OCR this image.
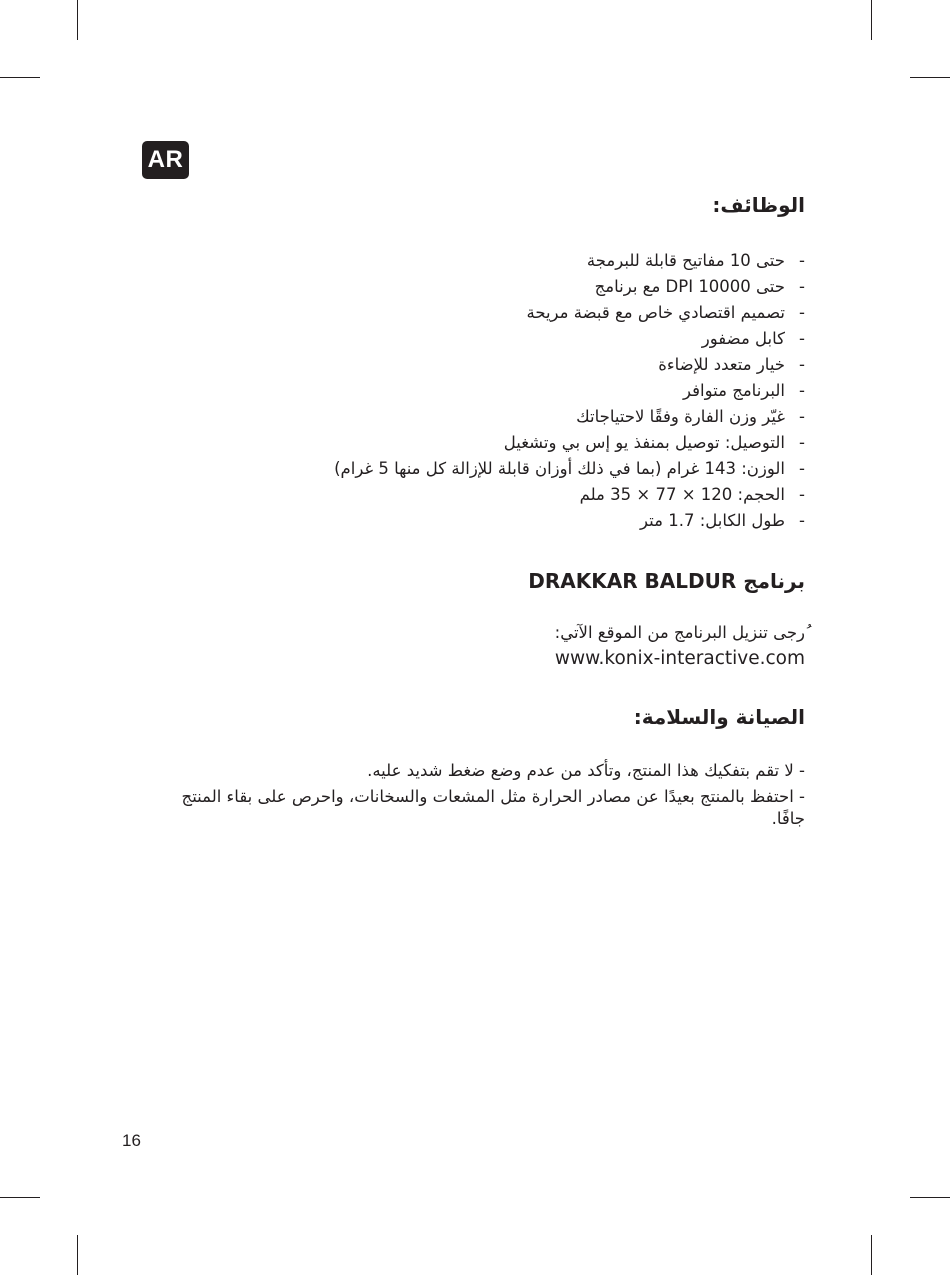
AR
الوظائف:
-حتى 10 مفاتيح قابلة للبرمجة
-حتى DPI 10000 مع برنامج
-تصميم اقتصادي خاص مع قبضة مريحة
-كابل مضفور
-خيار متعدد للإضاءة
-البرنامج متوافر
-غيّر وزن الفارة وفقًا لاحتياجاتك
-التوصيل: توصيل بمنفذ يو إس بي وتشغيل
-الوزن: 143 غرام (بما في ذلك أوزان قابلة للإزالة كل منها 5 غرام)
-الحجم: 120 × 77 × 35 ملم
-طول الكابل: 1.7 متر
برنامج DRAKKAR BALDUR

ُرجى تنزيل البرنامج من الموقع الآتي:
www.konix-interactive.com

الصيانة والسلامة:

- لا تقم بتفكيك هذا المنتج، وتأكد من عدم وضع ضغط شديد عليه.

- احتفظ بالمنتج بعيدًا عن مصادر الحرارة مثل المشعات والسخانات، واحرص على بقاء المنتج جافًا.

16
